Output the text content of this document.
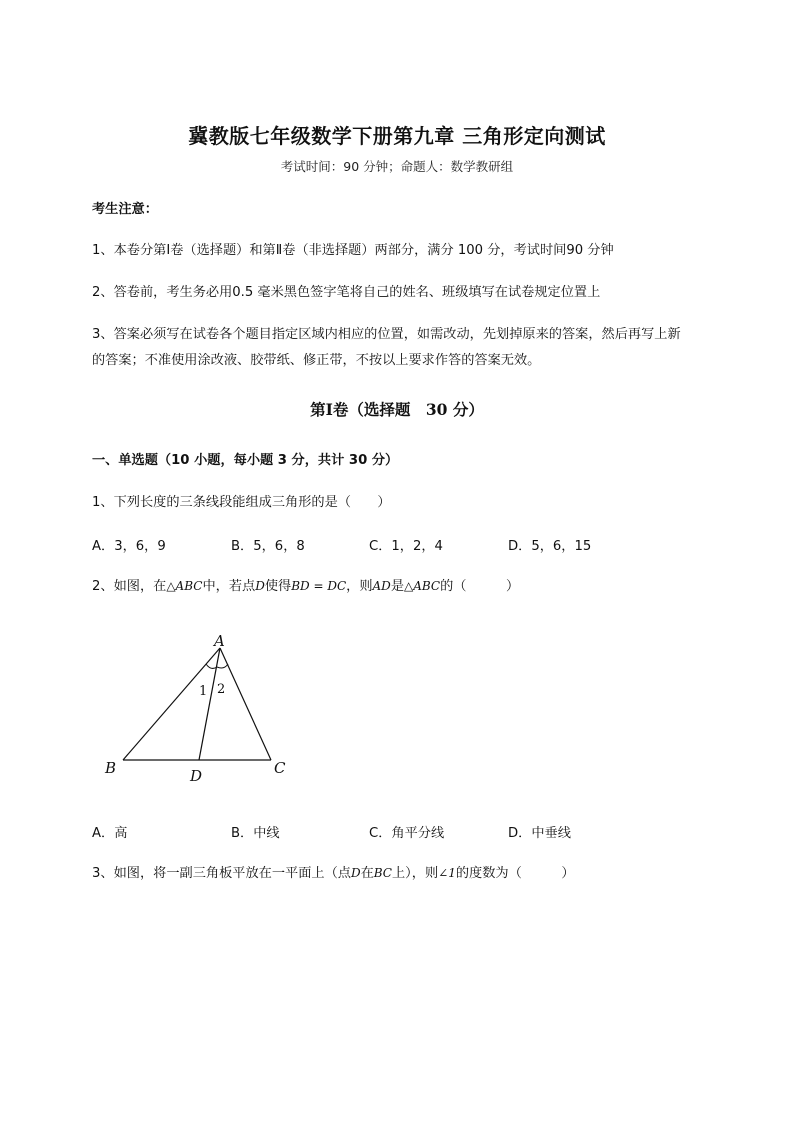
冀教版七年级数学下册第九章 三角形定向测试
考试时间：90 分钟；命题人：数学教研组
考生注意：
1、本卷分第Ⅰ卷（选择题）和第Ⅱ卷（非选择题）两部分，满分 100 分，考试时间90 分钟
2、答卷前，考生务必用0.5 毫米黑色签字笔将自己的姓名、班级填写在试卷规定位置上
3、答案必须写在试卷各个题目指定区域内相应的位置，如需改动，先划掉原来的答案，然后再写上新
的答案；不准使用涂改液、胶带纸、修正带，不按以上要求作答的答案无效。
第Ⅰ卷（选择题　30 分）
一、单选题（10 小题，每小题 3 分，共计 30 分）
1、下列长度的三条线段能组成三角形的是（　　）
A．3，6，9	B．5，6，8	C．1，2，4	D．5，6，15
2、如图，在△ABC中，若点D使得BD = DC，则AD是△ABC的（　　　）
A
B	C
D
1 2
A．高	B．中线	C．角平分线	D．中垂线
3、如图，将一副三角板平放在一平面上（点D在BC上），则∠1的度数为（　　　）
